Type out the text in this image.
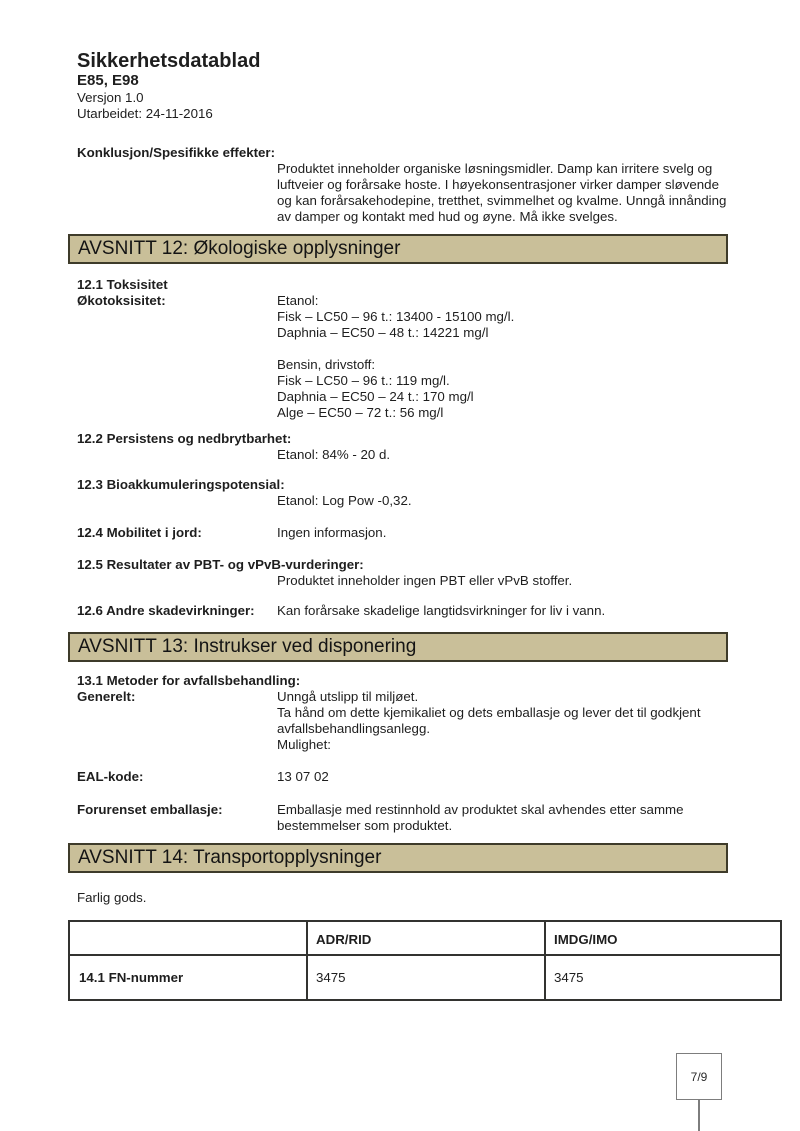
Sikkerhetsdatablad
E85, E98
Versjon 1.0
Utarbeidet: 24-11-2016
Konklusjon/Spesifikke effekter:
Produktet inneholder organiske løsningsmidler. Damp kan irritere svelg og luftveier og forårsake hoste. I høyekonsentrasjoner virker damper sløvende og kan forårsakehodepine, tretthet, svimmelhet og kvalme. Unngå innånding av damper og kontakt med hud og øyne. Må ikke svelges.
AVSNITT 12: Økologiske opplysninger
12.1 Toksisitet
Økotoksisitet:	Etanol:
Fisk – LC50 – 96 t.: 13400 - 15100 mg/l.
Daphnia – EC50 – 48 t.: 14221 mg/l

Bensin, drivstoff:
Fisk – LC50 – 96 t.: 119 mg/l.
Daphnia – EC50 – 24 t.: 170 mg/l
Alge – EC50 – 72 t.: 56 mg/l
12.2 Persistens og nedbrytbarhet:
Etanol: 84% - 20 d.
12.3 Bioakkumuleringspotensial:
Etanol: Log Pow -0,32.
12.4 Mobilitet i jord:	Ingen informasjon.
12.5 Resultater av PBT- og vPvB-vurderinger:
Produktet inneholder ingen PBT eller vPvB stoffer.
12.6 Andre skadevirkninger:	Kan forårsake skadelige langtidsvirkninger for liv i vann.
AVSNITT 13: Instrukser ved disponering
13.1 Metoder for avfallsbehandling:
Generelt:	Unngå utslipp til miljøet.
Ta hånd om dette kjemikaliet og dets emballasje og lever det til godkjent avfallsbehandlingsanlegg.
Mulighet:
EAL-kode:	13 07 02
Forurenset emballasje:	Emballasje med restinnhold av produktet skal avhendes etter samme bestemmelser som produktet.
AVSNITT 14: Transportopplysninger
Farlig gods.
	ADR/RID	IMDG/IMO
14.1 FN-nummer	3475	3475
7/9
